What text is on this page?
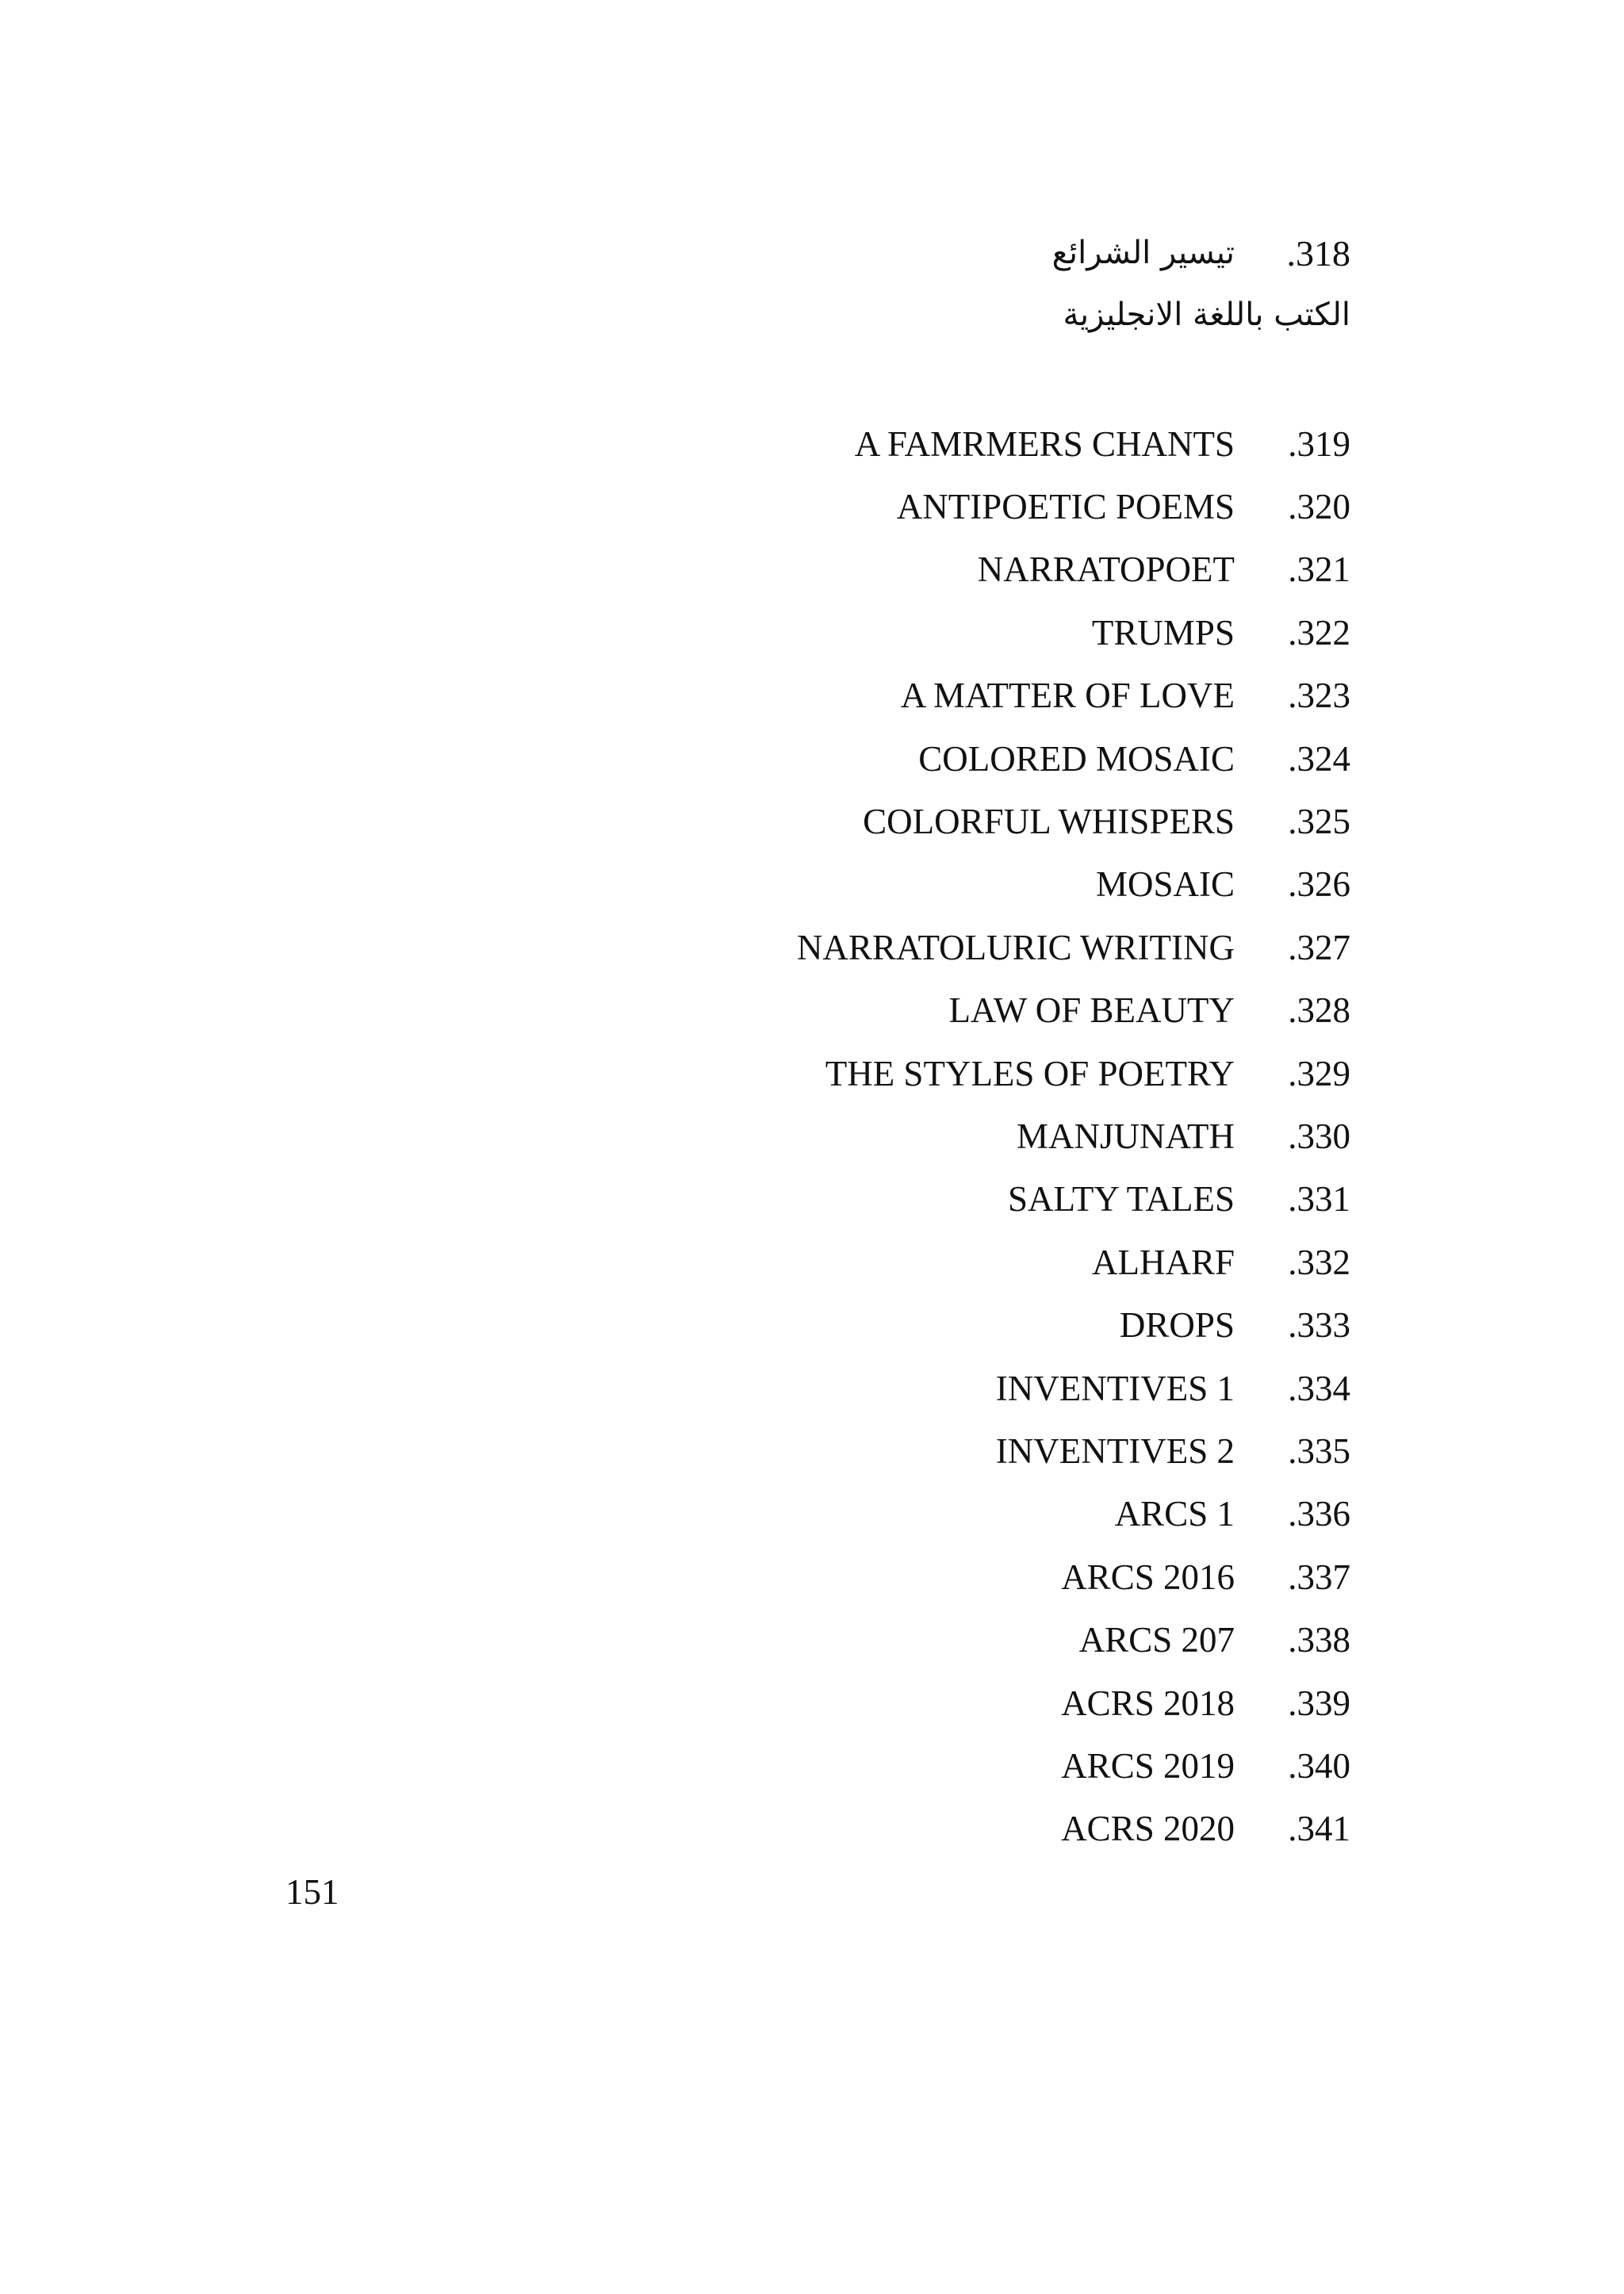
.318
تيسير الشرائع
الكتب باللغة الانجليزية
A FAMRMERS CHANTS .319
ANTIPOETIC POEMS .320
NARRATOPOET .321
TRUMPS .322
A MATTER OF LOVE .323
COLORED MOSAIC .324
COLORFUL WHISPERS .325
MOSAIC .326
NARRATOLURIC WRITING .327
LAW OF BEAUTY .328
THE STYLES OF POETRY .329
MANJUNATH .330
SALTY TALES .331
ALHARF .332
DROPS .333
INVENTIVES 1 .334
INVENTIVES 2 .335
ARCS 1 .336
ARCS 2016 .337
ARCS 207 .338
ACRS 2018 .339
ARCS 2019 .340
ACRS 2020 .341
151
